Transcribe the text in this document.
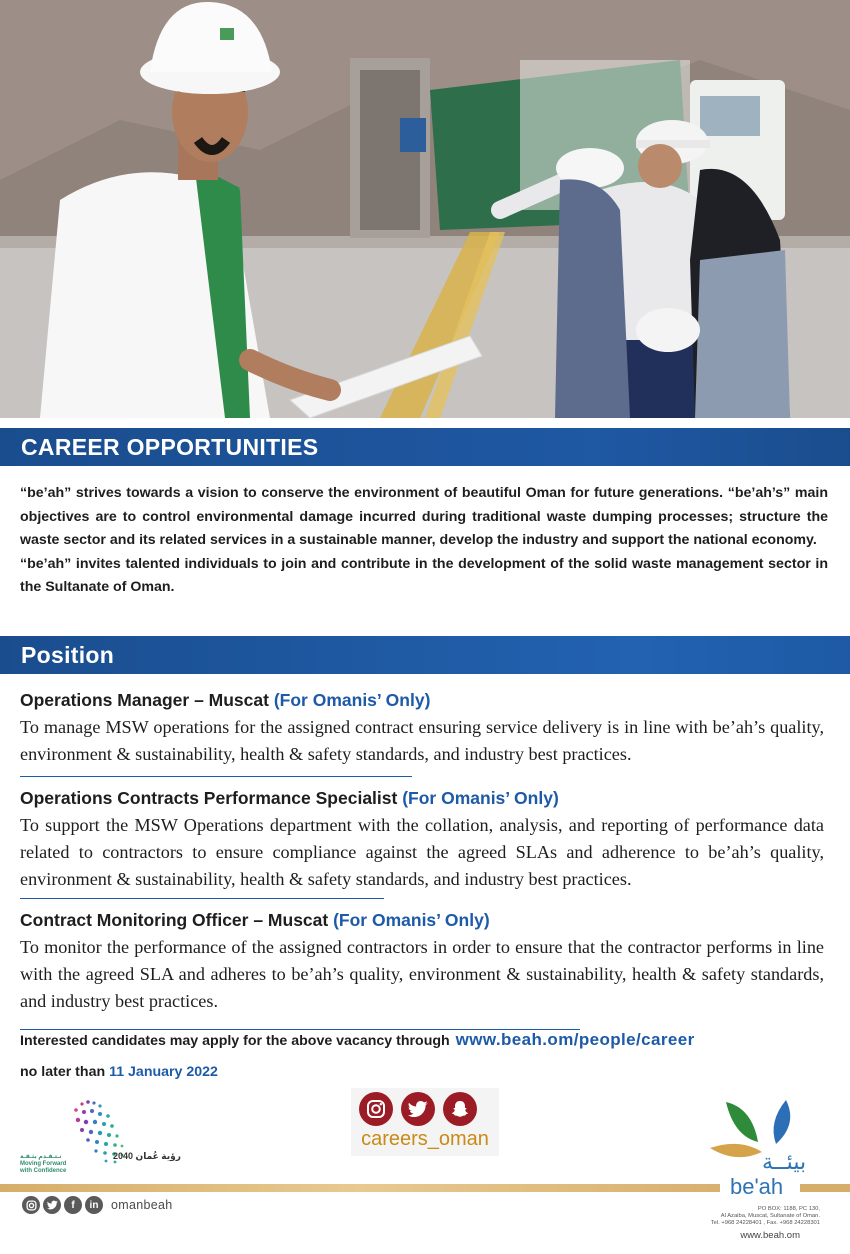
CAREER OPPORTUNITIES

“be’ah” strives towards a vision to conserve the environment of beautiful Oman for future generations. “be’ah’s” main objectives are to control environmental damage incurred during traditional waste dumping processes; structure the waste sector and its related services in a sustainable manner, develop the industry and support the national economy.

“be’ah” invites talented individuals to join and contribute in the development of the solid waste management sector in the Sultanate of Oman.

Position
Operations Manager – Muscat (For Omanis’ Only)
To manage MSW operations for the assigned contract ensuring service delivery is in line with be’ah’s quality, environment & sustainability, health & safety standards, and industry best practices.
Operations Contracts Performance Specialist (For Omanis’ Only)
To support the MSW Operations department with the collation, analysis, and reporting of performance data related to contractors to ensure compliance against the agreed SLAs and adherence to be’ah’s quality, environment & sustainability, health & safety standards, and industry best practices.
Contract Monitoring Officer – Muscat (For Omanis’ Only)
To monitor the performance of the assigned contractors in order to ensure that the contractor performs in line with the agreed SLA and adheres to be’ah’s quality, environment & sustainability, health & safety standards, and industry best practices.
Interested candidates may apply for the above vacancy through www.beah.om/people/career
no later than 11 January 2022
نـتـقـدم بثـقـة
Moving Forward
with Confidence
رؤية عُمان 2040
careers_oman
بيئــة
be'ah
f	in	omanbeah	PO BOX: 1188, PC 130,
Al Azaiba, Muscat, Sultanate of Oman.
Tel. +968 24228401 , Fax. +968 24228301
www.beah.om
